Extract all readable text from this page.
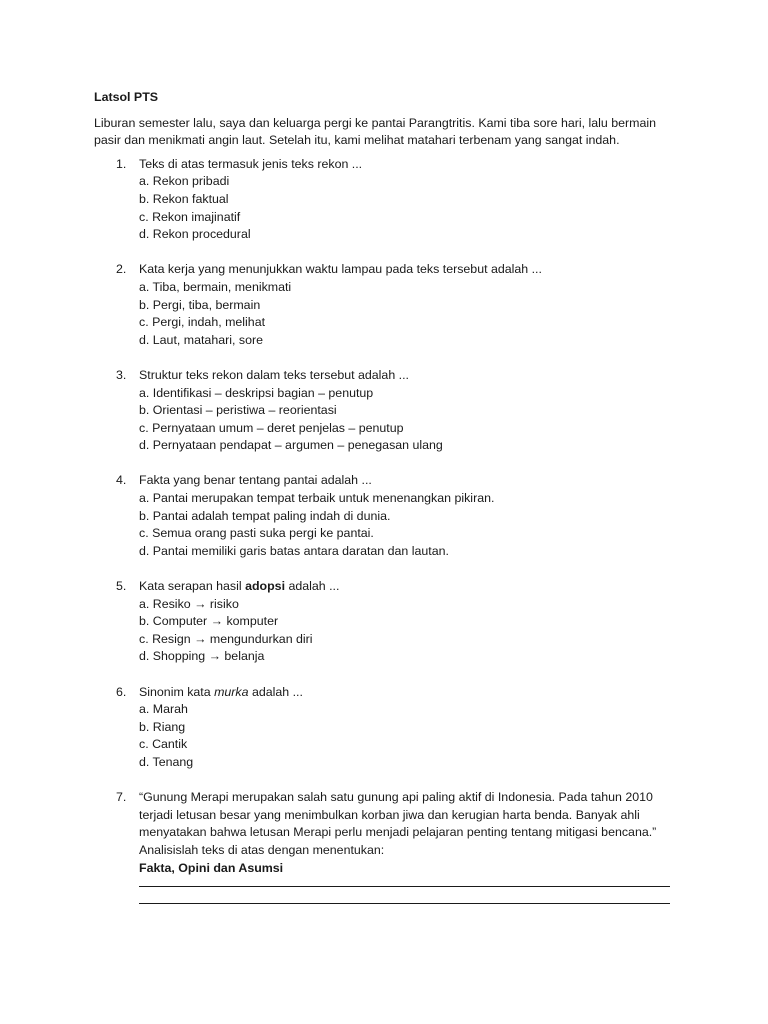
Latsol PTS
Liburan semester lalu, saya dan keluarga pergi ke pantai Parangtritis. Kami tiba sore hari, lalu bermain pasir dan menikmati angin laut. Setelah itu, kami melihat matahari terbenam yang sangat indah.
1. Teks di atas termasuk jenis teks rekon ...
a. Rekon pribadi
b. Rekon faktual
c. Rekon imajinatif
d. Rekon procedural
2. Kata kerja yang menunjukkan waktu lampau pada teks tersebut adalah ...
a. Tiba, bermain, menikmati
b. Pergi, tiba, bermain
c. Pergi, indah, melihat
d. Laut, matahari, sore
3. Struktur teks rekon dalam teks tersebut adalah ...
a. Identifikasi – deskripsi bagian – penutup
b. Orientasi – peristiwa – reorientasi
c. Pernyataan umum – deret penjelas – penutup
d. Pernyataan pendapat – argumen – penegasan ulang
4. Fakta yang benar tentang pantai adalah ...
a. Pantai merupakan tempat terbaik untuk menenangkan pikiran.
b. Pantai adalah tempat paling indah di dunia.
c. Semua orang pasti suka pergi ke pantai.
d. Pantai memiliki garis batas antara daratan dan lautan.
5. Kata serapan hasil adopsi adalah ...
a. Resiko → risiko
b. Computer → komputer
c. Resign → mengundurkan diri
d. Shopping → belanja
6. Sinonim kata murka adalah ...
a. Marah
b. Riang
c. Cantik
d. Tenang
7. “Gunung Merapi merupakan salah satu gunung api paling aktif di Indonesia. Pada tahun 2010 terjadi letusan besar yang menimbulkan korban jiwa dan kerugian harta benda. Banyak ahli menyatakan bahwa letusan Merapi perlu menjadi pelajaran penting tentang mitigasi bencana.”
Analisislah teks di atas dengan menentukan:
Fakta, Opini dan Asumsi
